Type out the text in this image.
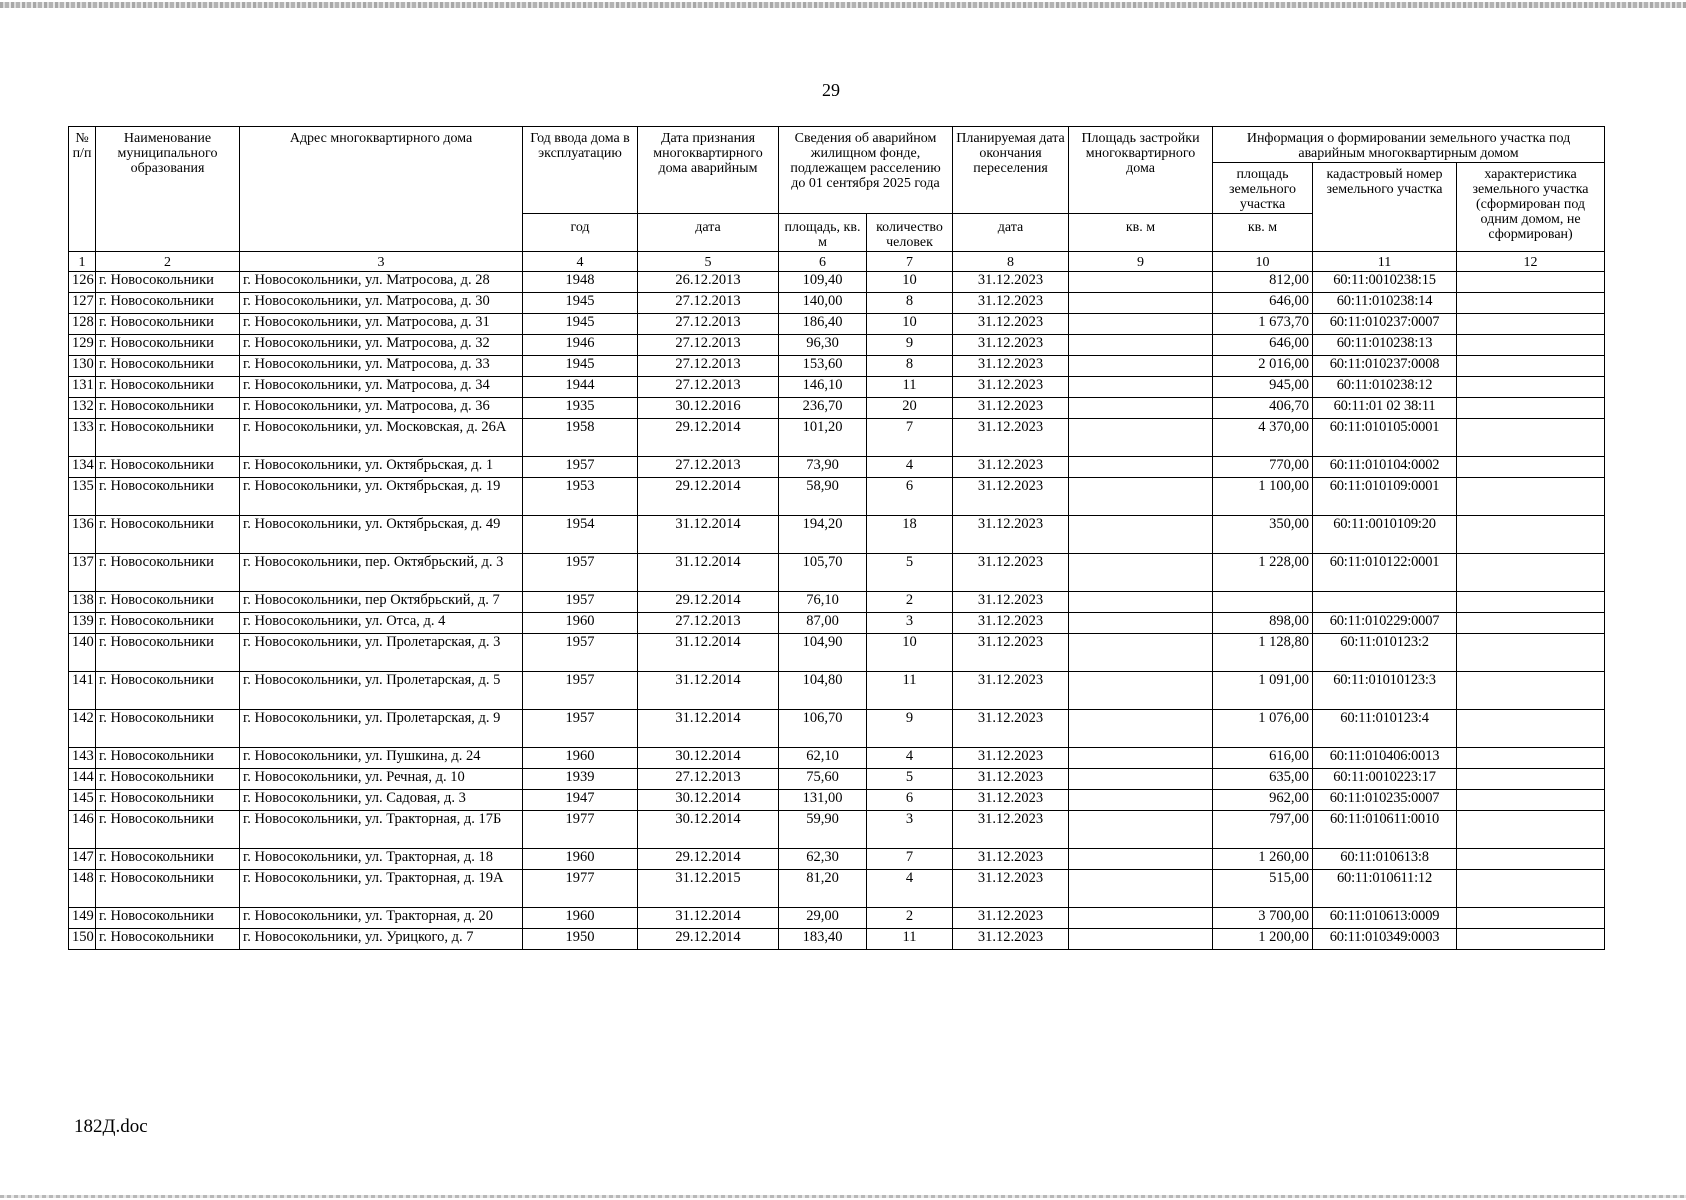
29
№ п/п	Наименование муниципального образования	Адрес многоквартирного дома	Год ввода дома в эксплуатацию	Дата признания многоквартирного дома аварийным	Сведения об аварийном жилищном фонде, подлежащем расселению до 01 сентября 2025 года		Планируемая дата окончания переселения	Площадь застройки многоквартирного дома	Информация о формировании земельного участка под аварийным многоквартирным домом		
									площадь земельного участка	кадастровый номер земельного участка	характеристика земельного участка (сформирован под одним домом, не сформирован)
			год	дата	площадь, кв. м	количество человек	дата	кв. м	кв. м		
1	2	3	4	5	6	7	8	9	10	11	12
126	г. Новосокольники	г. Новосокольники, ул. Матросова, д. 28	1948	26.12.2013	109,40	10	31.12.2023		812,00	60:11:0010238:15	
127	г. Новосокольники	г. Новосокольники, ул. Матросова, д. 30	1945	27.12.2013	140,00	8	31.12.2023		646,00	60:11:010238:14	
128	г. Новосокольники	г. Новосокольники, ул. Матросова, д. 31	1945	27.12.2013	186,40	10	31.12.2023		1 673,70	60:11:010237:0007	
129	г. Новосокольники	г. Новосокольники, ул. Матросова, д. 32	1946	27.12.2013	96,30	9	31.12.2023		646,00	60:11:010238:13	
130	г. Новосокольники	г. Новосокольники, ул. Матросова, д. 33	1945	27.12.2013	153,60	8	31.12.2023		2 016,00	60:11:010237:0008	
131	г. Новосокольники	г. Новосокольники, ул. Матросова, д. 34	1944	27.12.2013	146,10	11	31.12.2023		945,00	60:11:010238:12	
132	г. Новосокольники	г. Новосокольники, ул. Матросова, д. 36	1935	30.12.2016	236,70	20	31.12.2023		406,70	60:11:01 02 38:11	
133	г. Новосокольники	г. Новосокольники, ул. Московская, д. 26А	1958	29.12.2014	101,20	7	31.12.2023		4 370,00	60:11:010105:0001	
134	г. Новосокольники	г. Новосокольники, ул. Октябрьская, д. 1	1957	27.12.2013	73,90	4	31.12.2023		770,00	60:11:010104:0002	
135	г. Новосокольники	г. Новосокольники, ул. Октябрьская, д. 19	1953	29.12.2014	58,90	6	31.12.2023		1 100,00	60:11:010109:0001	
136	г. Новосокольники	г. Новосокольники, ул. Октябрьская, д. 49	1954	31.12.2014	194,20	18	31.12.2023		350,00	60:11:0010109:20	
137	г. Новосокольники	г. Новосокольники, пер. Октябрьский, д. 3	1957	31.12.2014	105,70	5	31.12.2023		1 228,00	60:11:010122:0001	
138	г. Новосокольники	г. Новосокольники, пер Октябрьский, д. 7	1957	29.12.2014	76,10	2	31.12.2023				
139	г. Новосокольники	г. Новосокольники, ул. Отса, д. 4	1960	27.12.2013	87,00	3	31.12.2023		898,00	60:11:010229:0007	
140	г. Новосокольники	г. Новосокольники, ул. Пролетарская, д. 3	1957	31.12.2014	104,90	10	31.12.2023		1 128,80	60:11:010123:2	
141	г. Новосокольники	г. Новосокольники, ул. Пролетарская, д. 5	1957	31.12.2014	104,80	11	31.12.2023		1 091,00	60:11:01010123:3	
142	г. Новосокольники	г. Новосокольники, ул. Пролетарская, д. 9	1957	31.12.2014	106,70	9	31.12.2023		1 076,00	60:11:010123:4	
143	г. Новосокольники	г. Новосокольники, ул. Пушкина, д. 24	1960	30.12.2014	62,10	4	31.12.2023		616,00	60:11:010406:0013	
144	г. Новосокольники	г. Новосокольники, ул. Речная, д. 10	1939	27.12.2013	75,60	5	31.12.2023		635,00	60:11:0010223:17	
145	г. Новосокольники	г. Новосокольники, ул. Садовая, д. 3	1947	30.12.2014	131,00	6	31.12.2023		962,00	60:11:010235:0007	
146	г. Новосокольники	г. Новосокольники, ул. Тракторная, д. 17Б	1977	30.12.2014	59,90	3	31.12.2023		797,00	60:11:010611:0010	
147	г. Новосокольники	г. Новосокольники, ул. Тракторная, д. 18	1960	29.12.2014	62,30	7	31.12.2023		1 260,00	60:11:010613:8	
148	г. Новосокольники	г. Новосокольники, ул. Тракторная, д. 19А	1977	31.12.2015	81,20	4	31.12.2023		515,00	60:11:010611:12	
149	г. Новосокольники	г. Новосокольники, ул. Тракторная, д. 20	1960	31.12.2014	29,00	2	31.12.2023		3 700,00	60:11:010613:0009	
150	г. Новосокольники	г. Новосокольники, ул. Урицкого, д. 7	1950	29.12.2014	183,40	11	31.12.2023		1 200,00	60:11:010349:0003	
182Д.doc
